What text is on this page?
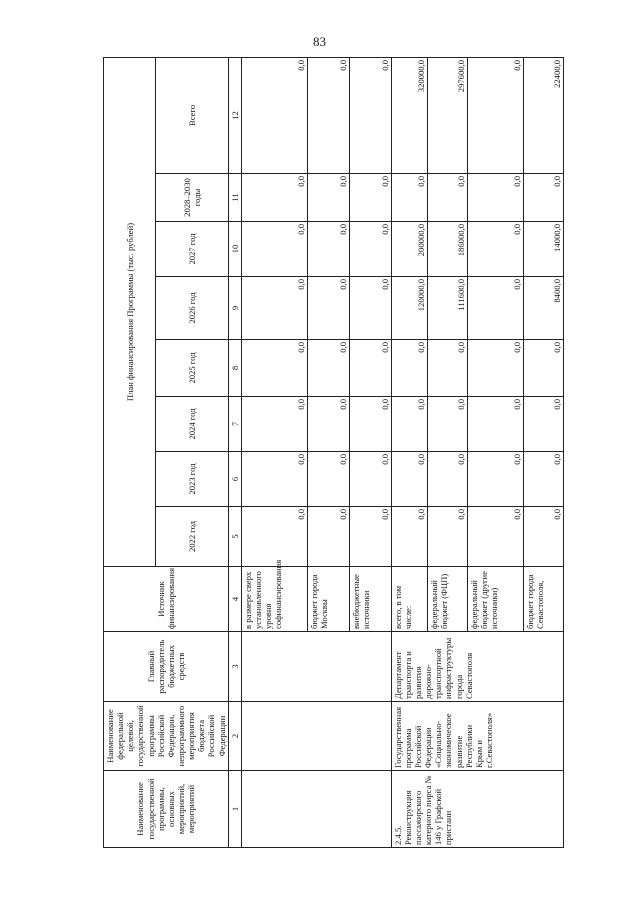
83
Наименование государственной программы, основных мероприятий, мероприятий	Наименование федеральной целевой, государственной программы Российской Федерации, непрограммного мероприятия бюджета Российской Федерации	Главный распорядитель бюджетных средств	Источник финансирования	План финансирования Программы (тыс. рублей)							
				2022 год	2023 год	2024 год	2025 год	2026 год	2027 год	2028–2030 годы	Всего
1	2	3	4	5	6	7	8	9	10	11	12
			в размере сверх установленного уровня софинансирования	0,0	0,0	0,0	0,0	0,0	0,0	0,0	0,0
			бюджет города Москвы	0,0	0,0	0,0	0,0	0,0	0,0	0,0	0,0
			внебюджетные источники	0,0	0,0	0,0	0,0	0,0	0,0	0,0	0,0
2.4.5. Реконструкция пассажирского катерного пирса № 146 у Графской пристани	Государственная программа Российской Федерации «Социально-экономическое развитие Республики Крым и г.Севастополя»	Департамент транспорта и развития дорожно-транспортной инфраструктуры города Севастополя	всего, в том числе:	0,0	0,0	0,0	0,0	120000,0	200000,0	0,0	320000,0
			федеральный бюджет (ФЦП)	0,0	0,0	0,0	0,0	111600,0	186000,0	0,0	297600,0
			федеральный бюджет (другие источники)	0,0	0,0	0,0	0,0	0,0	0,0	0,0	0,0
			бюджет города Севастополя,	0,0	0,0	0,0	0,0	8400,0	14000,0	0,0	22400,0
